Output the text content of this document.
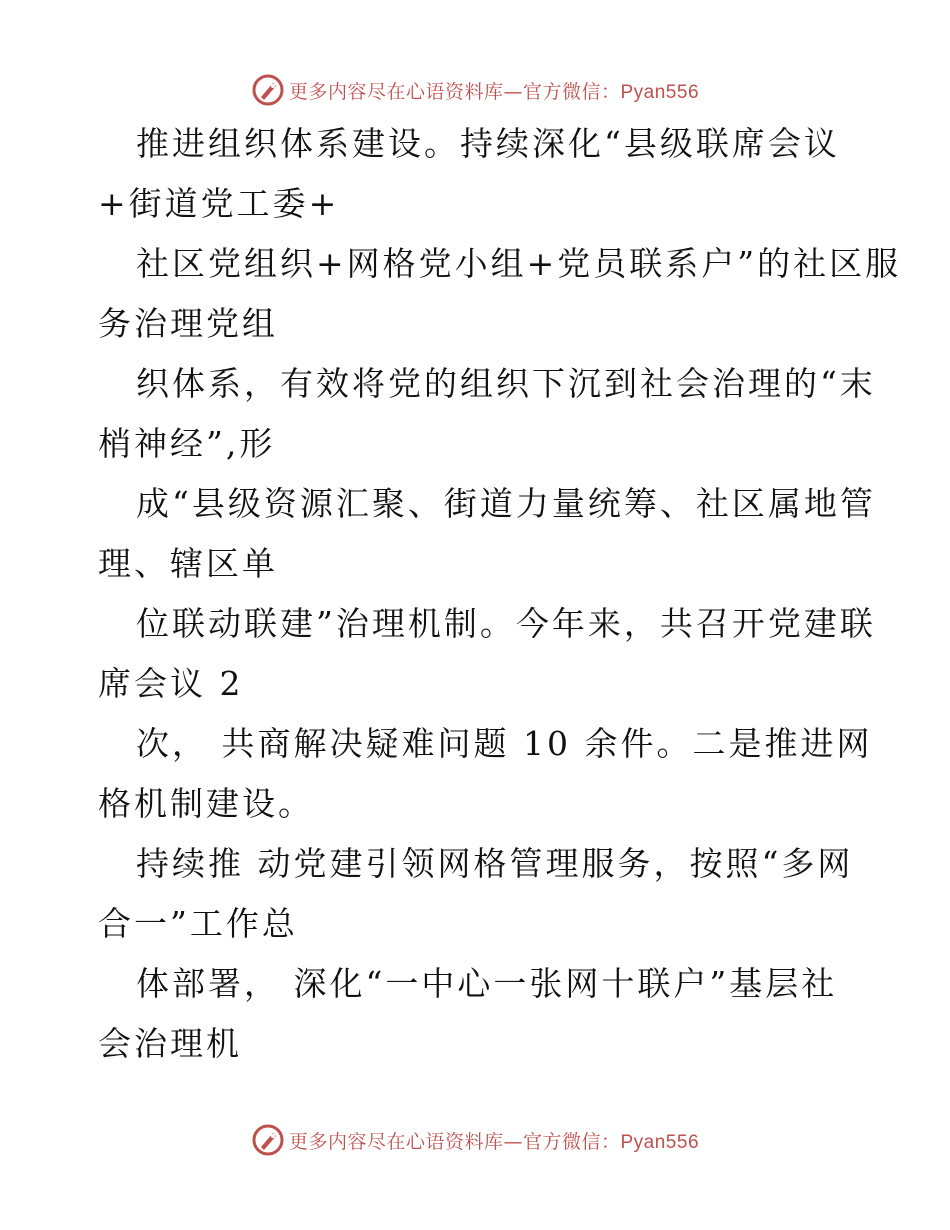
更多内容尽在心语资料库—官方微信：Pyan556
推进组织体系建设。持续深化“县级联席会议
+街道党工委+
社区党组织+网格党小组+党员联系户”的社区服
务治理党组
织体系，有效将党的组织下沉到社会治理的“末
梢神经”,形
成“县级资源汇聚、街道力量统筹、社区属地管
理、辖区单
位联动联建”治理机制。今年来，共召开党建联
席会议 2
次， 共商解决疑难问题 10 余件。二是推进网
格机制建设。
持续推 动党建引领网格管理服务，按照“多网
合一”工作总
体部署， 深化“一中心一张网十联户”基层社
会治理机
更多内容尽在心语资料库—官方微信：Pyan556
